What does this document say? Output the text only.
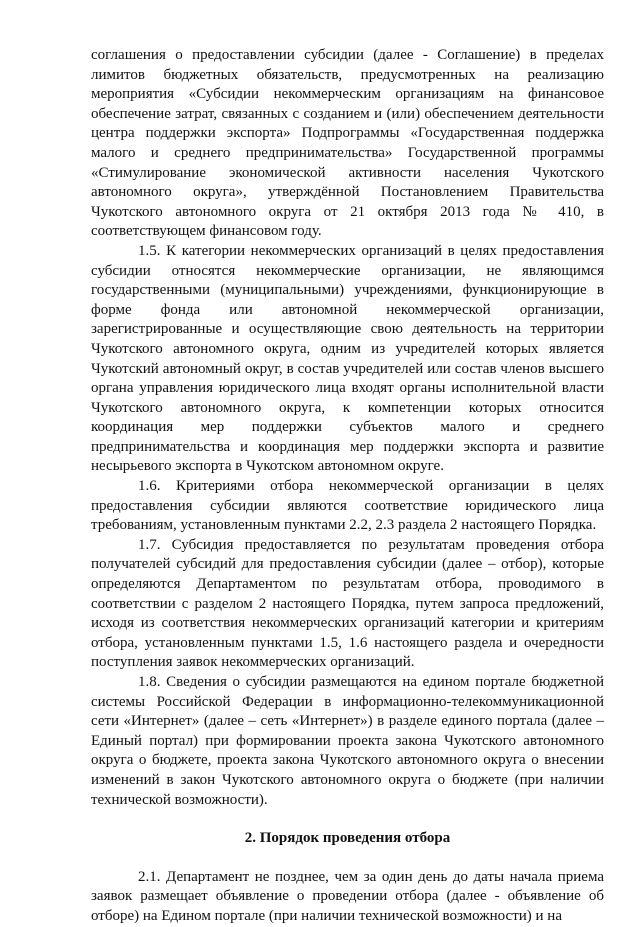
соглашения о предоставлении субсидии (далее - Соглашение) в пределах лимитов бюджетных обязательств, предусмотренных на реализацию мероприятия «Субсидии некоммерческим организациям на финансовое обеспечение затрат, связанных с созданием и (или) обеспечением деятельности центра поддержки экспорта» Подпрограммы «Государственная поддержка малого и среднего предпринимательства» Государственной программы «Стимулирование экономической активности населения Чукотского автономного округа», утверждённой Постановлением Правительства Чукотского автономного округа от 21 октября 2013 года № 410, в соответствующем финансовом году.

1.5. К категории некоммерческих организаций в целях предоставления субсидии относятся некоммерческие организации, не являющимся государственными (муниципальными) учреждениями, функционирующие в форме фонда или автономной некоммерческой организации, зарегистрированные и осуществляющие свою деятельность на территории Чукотского автономного округа, одним из учредителей которых является Чукотский автономный округ, в состав учредителей или состав членов высшего органа управления юридического лица входят органы исполнительной власти Чукотского автономного округа, к компетенции которых относится координация мер поддержки субъектов малого и среднего предпринимательства и координация мер поддержки экспорта и развитие несырьевого экспорта в Чукотском автономном округе.

1.6. Критериями отбора некоммерческой организации в целях предоставления субсидии являются соответствие юридического лица требованиям, установленным пунктами 2.2, 2.3 раздела 2 настоящего Порядка.

1.7. Субсидия предоставляется по результатам проведения отбора получателей субсидий для предоставления субсидии (далее – отбор), которые определяются Департаментом по результатам отбора, проводимого в соответствии с разделом 2 настоящего Порядка, путем запроса предложений, исходя из соответствия некоммерческих организаций категории и критериям отбора, установленным пунктами 1.5, 1.6 настоящего раздела и очередности поступления заявок некоммерческих организаций.

1.8. Сведения о субсидии размещаются на едином портале бюджетной системы Российской Федерации в информационно-телекоммуникационной сети «Интернет» (далее – сеть «Интернет») в разделе единого портала (далее – Единый портал) при формировании проекта закона Чукотского автономного округа о бюджете, проекта закона Чукотского автономного округа о внесении изменений в закон Чукотского автономного округа о бюджете (при наличии технической возможности).

2. Порядок проведения отбора

2.1. Департамент не позднее, чем за один день до даты начала приема заявок размещает объявление о проведении отбора (далее - объявление об отборе) на Едином портале (при наличии технической возможности) и на
